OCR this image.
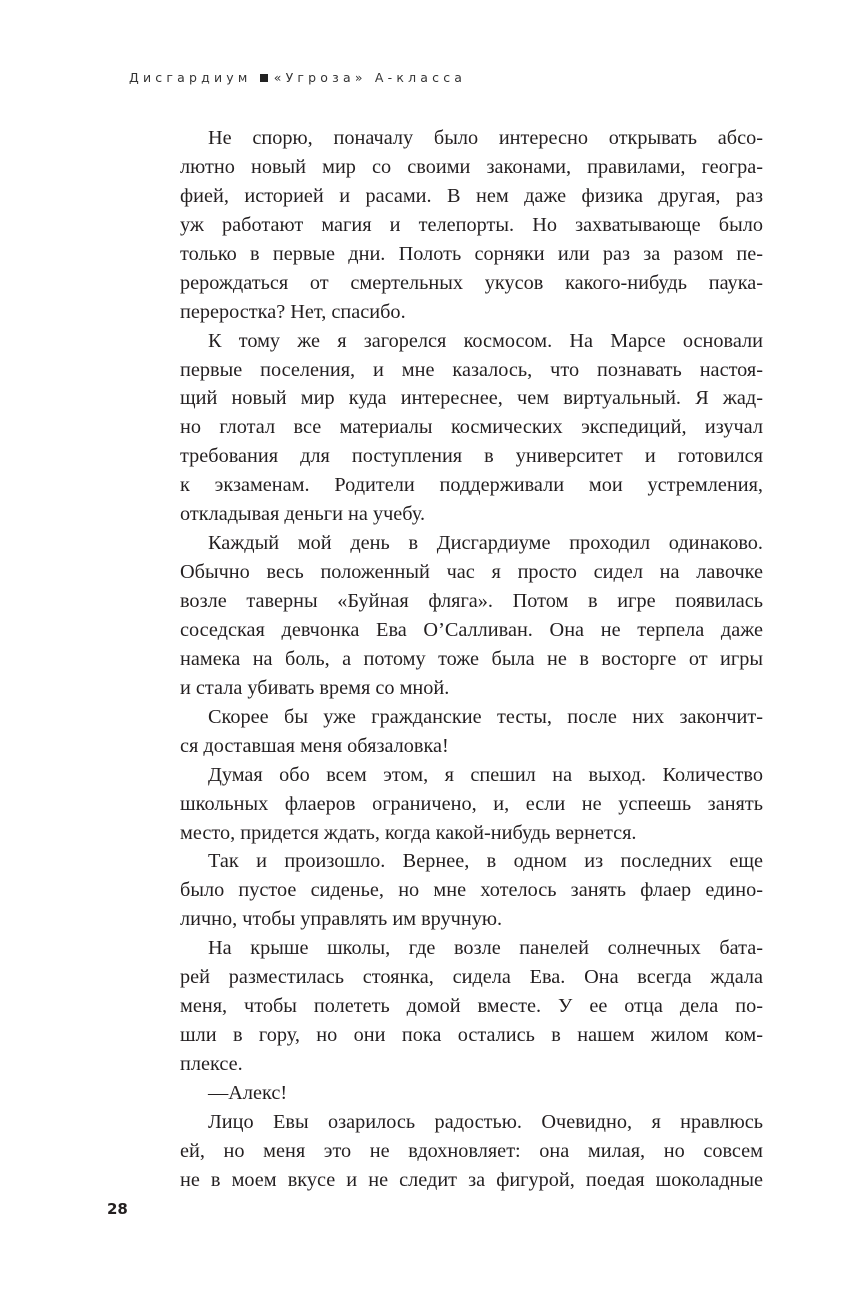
Дисгардиум «Угроза» А-класса
Не спорю, поначалу было интересно открывать абсо-
лютно новый мир со своими законами, правилами, геогра-
фией, историей и расами. В нем даже физика другая, раз
уж работают магия и телепорты. Но захватывающе было
только в первые дни. Полоть сорняки или раз за разом пе-
рерождаться от смертельных укусов какого-нибудь паука-
переростка? Нет, спасибо.
К тому же я загорелся космосом. На Марсе основали
первые поселения, и мне казалось, что познавать настоя-
щий новый мир куда интереснее, чем виртуальный. Я жад-
но глотал все материалы космических экспедиций, изучал
требования для поступления в университет и готовился
к экзаменам. Родители поддерживали мои устремления,
откладывая деньги на учебу.
Каждый мой день в Дисгардиуме проходил одинаково.
Обычно весь положенный час я просто сидел на лавочке
возле таверны «Буйная фляга». Потом в игре появилась
соседская девчонка Ева О’Салливан. Она не терпела даже
намека на боль, а потому тоже была не в восторге от игры
и стала убивать время со мной.
Скорее бы уже гражданские тесты, после них закончит-
ся доставшая меня обязаловка!
Думая обо всем этом, я спешил на выход. Количество
школьных флаеров ограничено, и, если не успеешь занять
место, придется ждать, когда какой-нибудь вернется.
Так и произошло. Вернее, в одном из последних еще
было пустое сиденье, но мне хотелось занять флаер едино-
лично, чтобы управлять им вручную.
На крыше школы, где возле панелей солнечных бата-
рей разместилась стоянка, сидела Ева. Она всегда ждала
меня, чтобы полететь домой вместе. У ее отца дела по-
шли в гору, но они пока остались в нашем жилом ком-
плексе.
—Алекс!
Лицо Евы озарилось радостью. Очевидно, я нравлюсь
ей, но меня это не вдохновляет: она милая, но совсем
не в моем вкусе и не следит за фигурой, поедая шоколадные
28
